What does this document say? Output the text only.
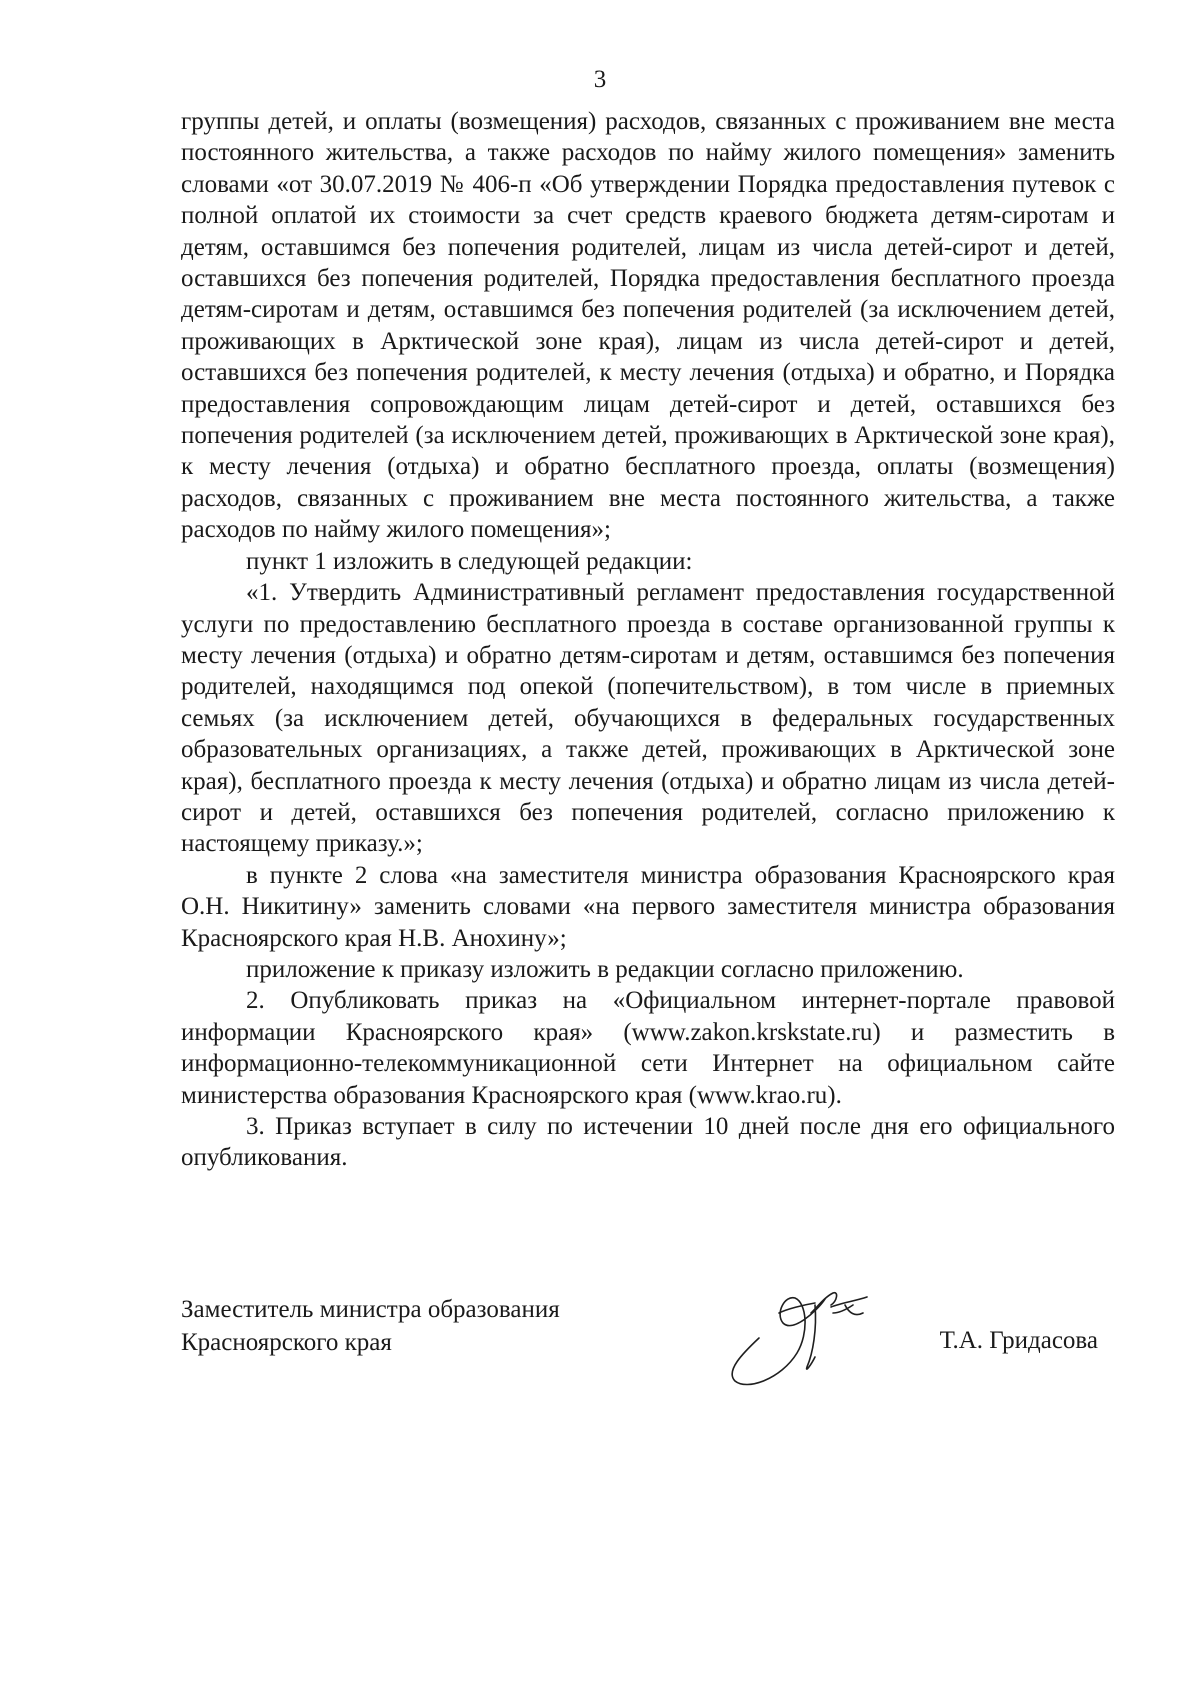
3

группы детей, и оплаты (возмещения) расходов, связанных с проживанием вне места постоянного жительства, а также расходов по найму жилого помещения» заменить словами «от 30.07.2019 № 406-п «Об утверждении Порядка предоставления путевок с полной оплатой их стоимости за счет средств краевого бюджета детям-сиротам и детям, оставшимся без попечения родителей, лицам из числа детей-сирот и детей, оставшихся без попечения родителей, Порядка предоставления бесплатного проезда детям-сиротам и детям, оставшимся без попечения родителей (за исключением детей, проживающих в Арктической зоне края), лицам из числа детей-сирот и детей, оставшихся без попечения родителей, к месту лечения (отдыха) и обратно, и Порядка предоставления сопровождающим лицам детей-сирот и детей, оставшихся без попечения родителей (за исключением детей, проживающих в Арктической зоне края), к месту лечения (отдыха) и обратно бесплатного проезда, оплаты (возмещения) расходов, связанных с проживанием вне места постоянного жительства, а также расходов по найму жилого помещения»;

пункт 1 изложить в следующей редакции:

«1. Утвердить Административный регламент предоставления государственной услуги по предоставлению бесплатного проезда в составе организованной группы к месту лечения (отдыха) и обратно детям-сиротам и детям, оставшимся без попечения родителей, находящимся под опекой (попечительством), в том числе в приемных семьях (за исключением детей, обучающихся в федеральных государственных образовательных организациях, а также детей, проживающих в Арктической зоне края), бесплатного проезда к месту лечения (отдыха) и обратно лицам из числа детей-сирот и детей, оставшихся без попечения родителей, согласно приложению к настоящему приказу.»;

в пункте 2 слова «на заместителя министра образования Красноярского края О.Н. Никитину» заменить словами «на первого заместителя министра образования Красноярского края Н.В. Анохину»;

приложение к приказу изложить в редакции согласно приложению.

2. Опубликовать приказ на «Официальном интернет-портале правовой информации Красноярского края» (www.zakon.krskstate.ru) и разместить в информационно-телекоммуникационной сети Интернет на официальном сайте министерства образования Красноярского края (www.krao.ru).

3. Приказ вступает в силу по истечении 10 дней после дня его официального опубликования.

Заместитель министра образования
Красноярского края	Т.А. Гридасова
